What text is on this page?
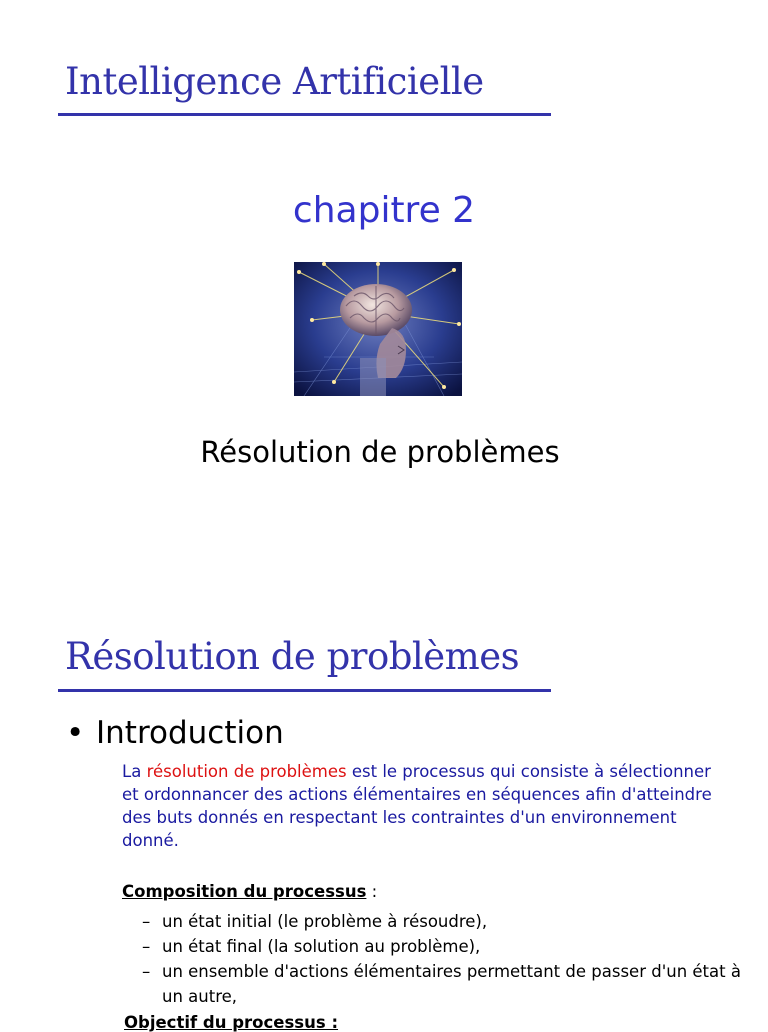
Intelligence Artificielle
chapitre 2
Résolution de problèmes
Résolution de problèmes
• Introduction

La résolution de problèmes est le processus qui consiste à sélectionner et ordonnancer des actions élémentaires en séquences afin d'atteindre des buts donnés en respectant les contraintes d'un environnement donné.

Composition du processus :
– un état initial (le problème à résoudre),
– un état final (la solution au problème),
– un ensemble d'actions élémentaires permettant de passer d'un état à un autre,
Objectif du processus :
